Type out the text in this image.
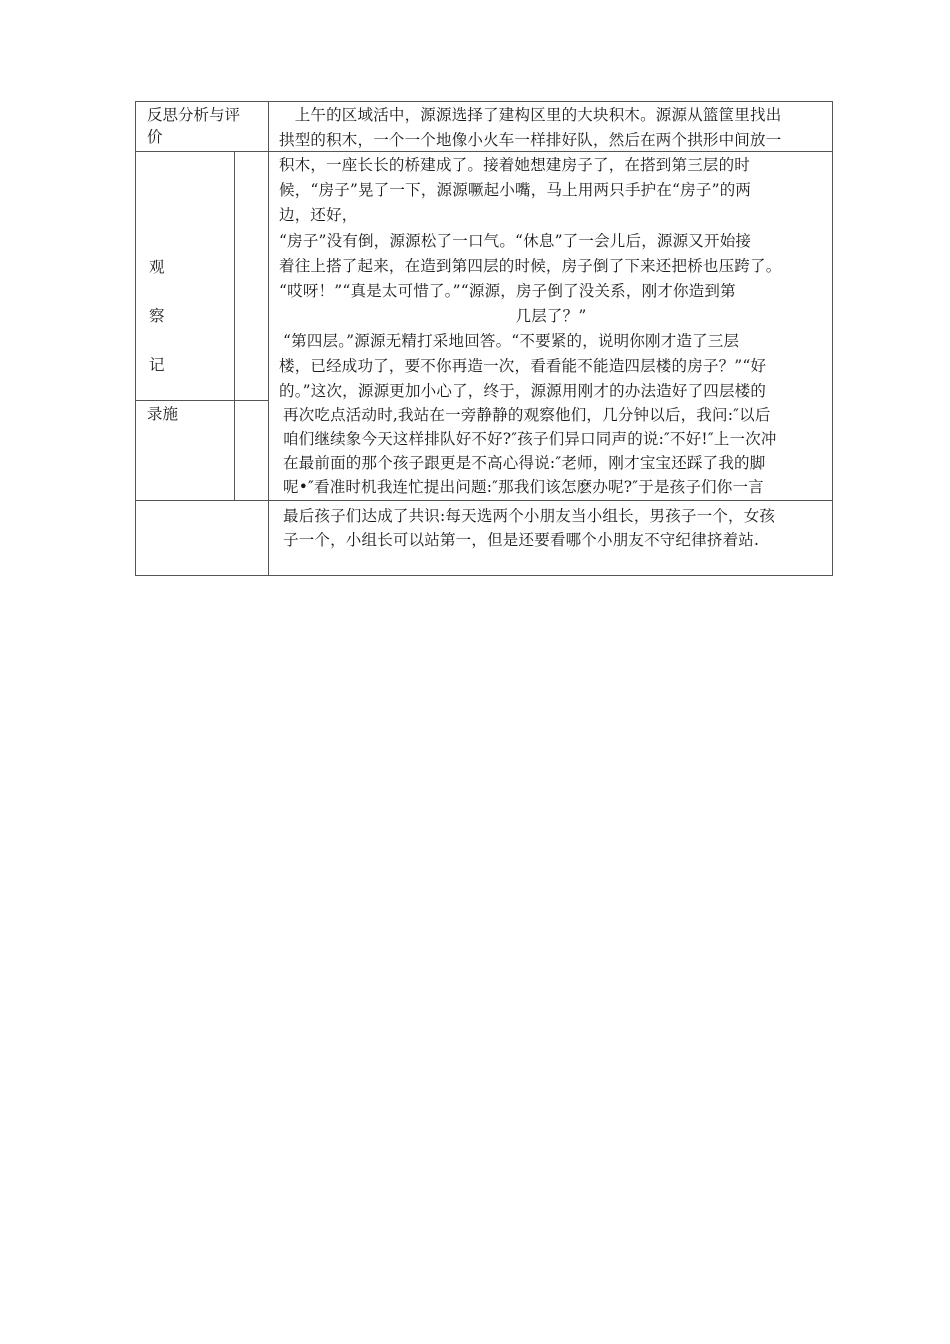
反思分析与评
价
观
察
记
录施
　上午的区域活中，源源选择了建构区里的大块积木。源源从篮筐里找出
拱型的积木，一个一个地像小火车一样排好队，然后在两个拱形中间放一
积木，一座长长的桥建成了。接着她想建房子了，在搭到第三层的时
候，“房子”晃了一下，源源噘起小嘴，马上用两只手护在“房子”的两
边，还好，
“房子”没有倒，源源松了一口气。“休息”了一会儿后，源源又开始接
着往上搭了起来，在造到第四层的时候，房子倒了下来还把桥也压跨了。
“哎呀！”“真是太可惜了。”“源源，房子倒了没关系，刚才你造到第
几层了？”
“第四层。”源源无精打采地回答。“不要紧的，说明你刚才造了三层
楼，已经成功了，要不你再造一次，看看能不能造四层楼的房子？”“好
的。”这次，源源更加小心了，终于，源源用刚才的办法造好了四层楼的
再次吃点活动时,我站在一旁静静的观察他们，几分钟以后，我问:″以后
咱们继续象今天这样排队好不好?″孩子们异口同声的说:″不好!″上一次冲
在最前面的那个孩子跟更是不高心得说:″老师，刚才宝宝还踩了我的脚
呢•″看准时机我连忙提出问题:″那我们该怎麽办呢?″于是孩子们你一言
最后孩子们达成了共识:每天选两个小朋友当小组长，男孩子一个，女孩
子一个，小组长可以站第一，但是还要看哪个小朋友不守纪律挤着站.
